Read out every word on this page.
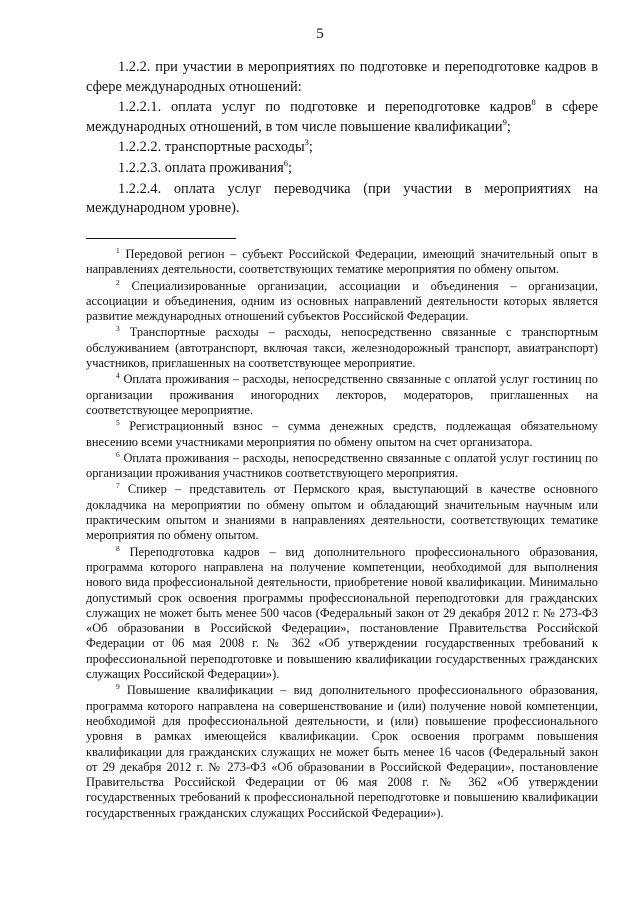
5

1.2.2. при участии в мероприятиях по подготовке и переподготовке кадров в сфере международных отношений:

1.2.2.1. оплата услуг по подготовке и переподготовке кадров$^8$ в сфере международных отношений, в том числе повышение квалификации$^9$;

1.2.2.2. транспортные расходы$^3$;

1.2.2.3. оплата проживания$^6$;

1.2.2.4. оплата услуг переводчика (при участии в мероприятиях на международном уровне).

$^1$ Передовой регион – субъект Российской Федерации, имеющий значительный опыт в направлениях деятельности, соответствующих тематике мероприятия по обмену опытом.

$^2$ Специализированные организации, ассоциации и объединения – организации, ассоциации и объединения, одним из основных направлений деятельности которых является развитие международных отношений субъектов Российской Федерации.

$^3$ Транспортные расходы – расходы, непосредственно связанные с транспортным обслуживанием (автотранспорт, включая такси, железнодорожный транспорт, авиатранспорт) участников, приглашенных на соответствующее мероприятие.

$^4$ Оплата проживания – расходы, непосредственно связанные с оплатой услуг гостиниц по организации проживания иногородних лекторов, модераторов, приглашенных на соответствующее мероприятие.

$^5$ Регистрационный взнос – сумма денежных средств, подлежащая обязательному внесению всеми участниками мероприятия по обмену опытом на счет организатора.

$^6$ Оплата проживания – расходы, непосредственно связанные с оплатой услуг гостиниц по организации проживания участников соответствующего мероприятия.

$^7$ Спикер – представитель от Пермского края, выступающий в качестве основного докладчика на мероприятии по обмену опытом и обладающий значительным научным или практическим опытом и знаниями в направлениях деятельности, соответствующих тематике мероприятия по обмену опытом.

$^8$ Переподготовка кадров – вид дополнительного профессионального образования, программа которого направлена на получение компетенции, необходимой для выполнения нового вида профессиональной деятельности, приобретение новой квалификации. Минимально допустимый срок освоения программы профессиональной переподготовки для гражданских служащих не может быть менее 500 часов (Федеральный закон от 29 декабря 2012 г. № 273-ФЗ «Об образовании в Российской Федерации», постановление Правительства Российской Федерации от 06 мая 2008 г. № 362 «Об утверждении государственных требований к профессиональной переподготовке и повышению квалификации государственных гражданских служащих Российской Федерации»).

$^9$ Повышение квалификации – вид дополнительного профессионального образования, программа которого направлена на совершенствование и (или) получение новой компетенции, необходимой для профессиональной деятельности, и (или) повышение профессионального уровня в рамках имеющейся квалификации. Срок освоения программ повышения квалификации для гражданских служащих не может быть менее 16 часов (Федеральный закон от 29 декабря 2012 г. № 273-ФЗ «Об образовании в Российской Федерации», постановление Правительства Российской Федерации от 06 мая 2008 г. № 362 «Об утверждении государственных требований к профессиональной переподготовке и повышению квалификации государственных гражданских служащих Российской Федерации»).
